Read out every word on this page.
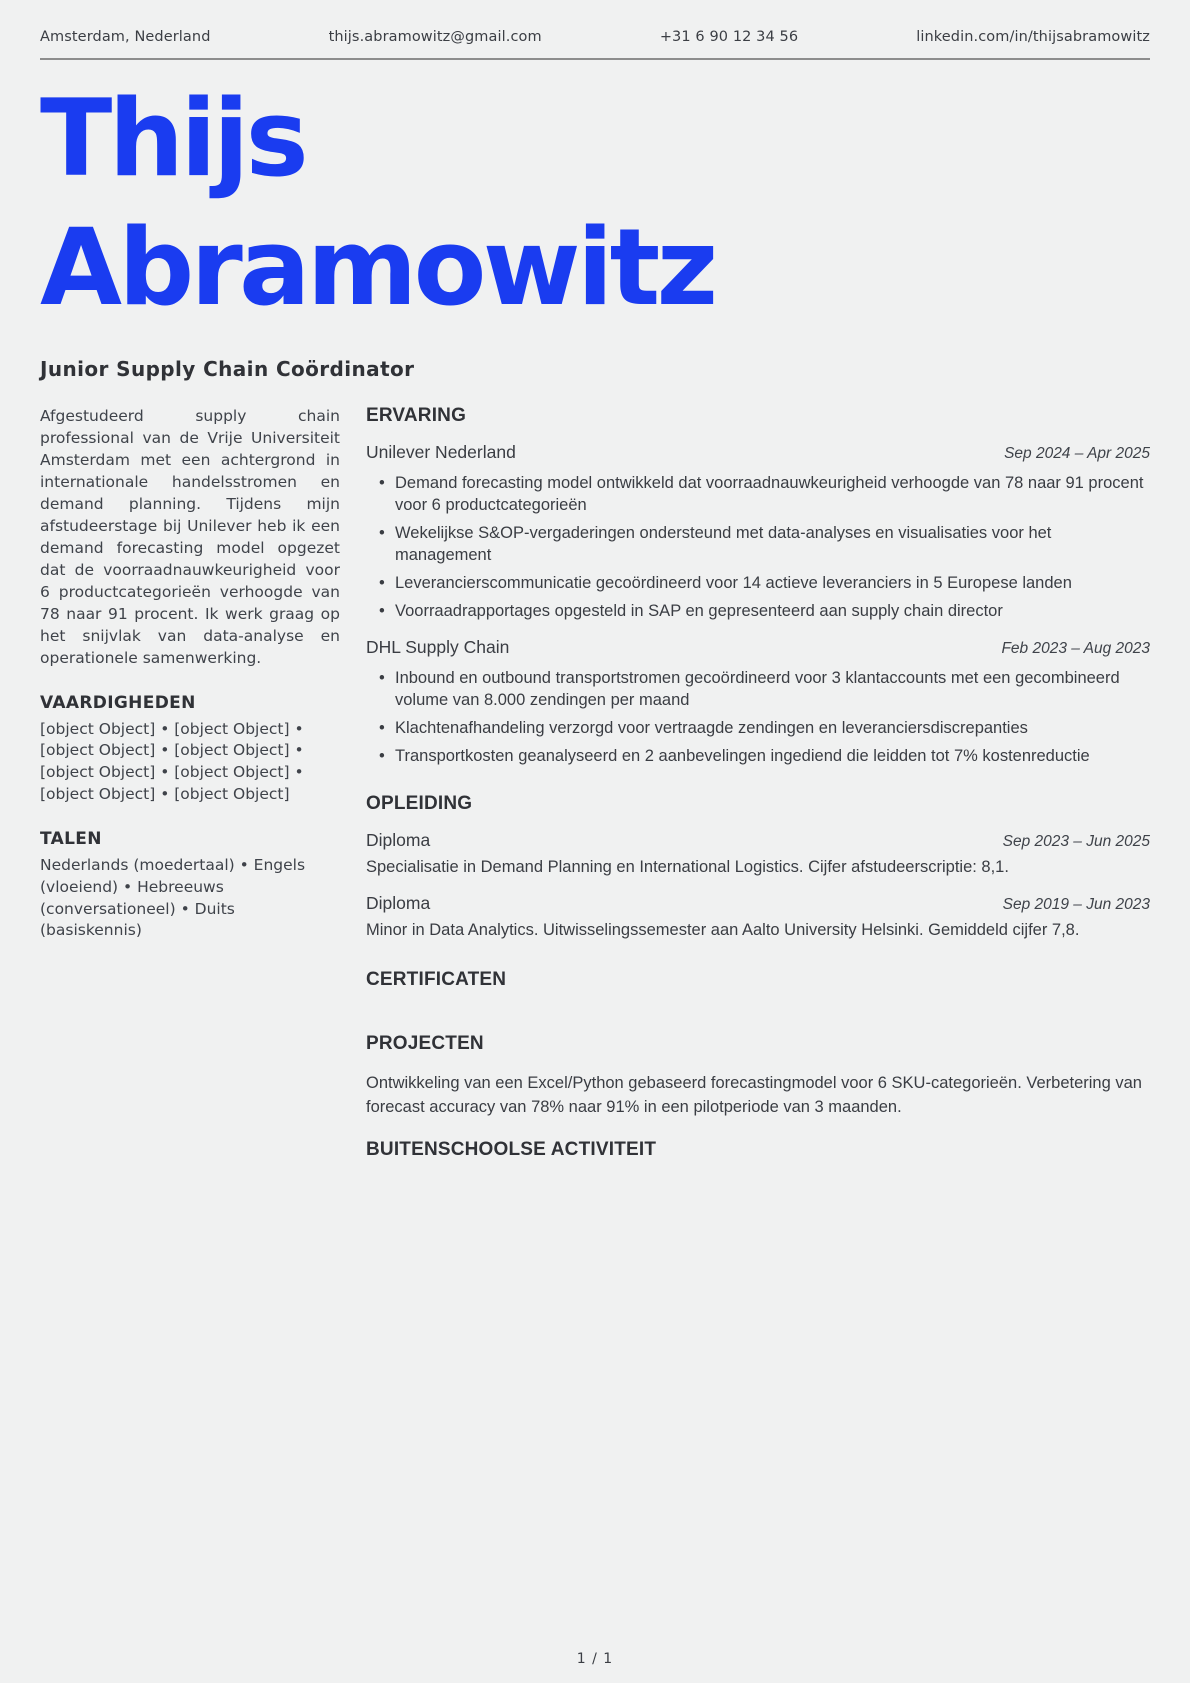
Amsterdam, Nederland	thijs.abramowitz@gmail.com	+31 6 90 12 34 56	linkedin.com/in/thijsabramowitz
Thijs
Abramowitz
Junior Supply Chain Coördinator

Afgestudeerd supply chain professional van de Vrije Universiteit Amsterdam met een achtergrond in internationale handelsstromen en demand planning. Tijdens mijn afstudeerstage bij Unilever heb ik een demand forecasting model opgezet dat de voorraadnauwkeurigheid voor 6 productcategorieën verhoogde van 78 naar 91 procent. Ik werk graag op het snijvlak van data-analyse en operationele samenwerking.

VAARDIGHEDEN

[object Object] • [object Object] • [object Object] • [object Object] • [object Object] • [object Object] • [object Object] • [object Object]

TALEN

Nederlands (moedertaal) • Engels (vloeiend) • Hebreeuws (conversationeel) • Duits (basiskennis)

ERVARING
Unilever Nederland	Sep 2024 – Apr 2025
• Demand forecasting model ontwikkeld dat voorraadnauwkeurigheid verhoogde van 78 naar 91 procent voor 6 productcategorieën
• Wekelijkse S&OP-vergaderingen ondersteund met data-analyses en visualisaties voor het management
• Leverancierscommunicatie gecoördineerd voor 14 actieve leveranciers in 5 Europese landen
• Voorraadrapportages opgesteld in SAP en gepresenteerd aan supply chain director
DHL Supply Chain	Feb 2023 – Aug 2023
• Inbound en outbound transportstromen gecoördineerd voor 3 klantaccounts met een gecombineerd volume van 8.000 zendingen per maand
• Klachtenafhandeling verzorgd voor vertraagde zendingen en leveranciersdiscrepanties
• Transportkosten geanalyseerd en 2 aanbevelingen ingediend die leidden tot 7% kostenreductie
OPLEIDING
Diploma	Sep 2023 – Jun 2025

Specialisatie in Demand Planning en International Logistics. Cijfer afstudeerscriptie: 8,1.

Diploma	Sep 2019 – Jun 2023

Minor in Data Analytics. Uitwisselingssemester aan Aalto University Helsinki. Gemiddeld cijfer 7,8.

CERTIFICATEN
PROJECTEN

Ontwikkeling van een Excel/Python gebaseerd forecastingmodel voor 6 SKU-categorieën. Verbetering van forecast accuracy van 78% naar 91% in een pilotperiode van 3 maanden.

BUITENSCHOOLSE ACTIVITEIT
1 / 1
